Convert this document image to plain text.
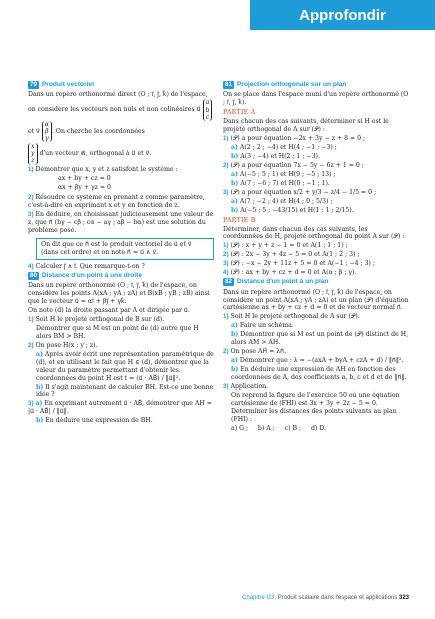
Approfondir
79 Produit vectoriel

Dans un repère orthonormé direct (O ; i⃗, j⃗, k⃗) de l'espace, on considère les vecteurs non nuls et non colinéaires u⃗
a
b
c
et v⃗
α
β
γ
. On cherche les coordonnées

x
y
z
d'un vecteur w⃗, orthogonal à u⃗ et v⃗.

1) Démontrer que x, y et z satisfont le système :

ax + by + cz = 0

αx + βy + γz = 0

2) Résoudre ce système en prenant z comme paramètre, c'est-à-dire en exprimant x et y en fonction de z.

3) En déduire, en choisissant judicieusement une valeur de z, que n⃗ (bγ − cβ ; cα − aγ ; aβ − bα) est une solution du problème posé.

On dit que ce n⃗ est le produit vectoriel de u⃗ et v⃗ (dans cet ordre) et on note n⃗ = u⃗ ∧ v⃗.

4) Calculer j⃗ ∧ i⃗. Que remarque-t-on ?

80 Distance d'un point à une droite

Dans un repère orthonormé (O ; i⃗, j⃗, k⃗) de l'espace, on considère les points A(xA ; yA ; zA) et B(xB ; yB ; zB) ainsi que le vecteur u⃗ = αi⃗ + βj⃗ + γk⃗.

On note (d) la droite passant par A et dirigée par u⃗.

1) Soit H le projeté orthogonal de B sur (d).

Démontrer que si M est un point de (d) autre que H alors BM > BH.

2) On pose H(x ; y ; z).

a) Après avoir écrit une représentation paramétrique de (d), et en utilisant le fait que H ∈ (d), démontrer que la valeur du paramètre permettant d'obtenir les coordonnées du point H est t = (u⃗ · AB⃗) / ‖u⃗‖².

b) Il s'agit maintenant de calculer BH. Est-ce une bonne idée ?

3) a) En exprimant autrement u⃗ · AB⃗, démontrer que AH = |u⃗ · AB⃗| / ‖u⃗‖.

b) En déduire une expression de BH.

81 Projection orthogonale sur un plan

On se place dans l'espace muni d'un repère orthonormé (O ; i⃗, j⃗, k⃗).

PARTIE A

Dans chacun des cas suivants, déterminer si H est le projeté orthogonal de A sur (𝒫) :

1) (𝒫) a pour équation −2x + 3y − z + 8 = 0 ;

a) A(2 ; 2 ; −4) et H(4 ; −1 ; −3) ;

b) A(3 ; −4) et H(2 ; 1 ; −3).

2) (𝒫) a pour équation 7x − 5y − 6z + 1 = 0 ;

a) A(−5 ; 5 ; 1) et H(9 ; −5 ; 13) ;

b) A(7 ; −6 ; 7) et H(0 ; −1 ; 1).

3) (𝒫) a pour équation x/2 + y/3 − z/4 − 1/5 = 0 ;

a) A(7 ; −2 ; 4) et H(4 ; 0 ; 5/3) ;

b) A(−5 ; 5 ; −43/15) et H(1 ; 1 ; 2/15).

PARTIE B

Déterminer, dans chacun des cas suivants, les coordonnées de H, projeté orthogonal du point A sur (𝒫) :

1) (𝒫) : x + y + z − 1 = 0 et A(1 ; 1 ; 1) ;

2) (𝒫) : 2x − 3y + 4z − 5 = 0 et A(1 ; 2 ; 3) ;

3) (𝒫) : −x − 2y + 11z + 5 = 0 et A(−1 ; −4 ; 3) ;

4) (𝒫) : ax + by + cz + d = 0 et A(α ; β ; γ).

82 Distance d'un point à un plan

Dans un repère orthonormé (O ; i⃗, j⃗, k⃗) de l'espace, on considère un point A(xA ; yA ; zA) et un plan (𝒫) d'équation cartésienne ax + by + cz + d = 0 et de vecteur normal n⃗.

1) Soit H le projeté orthogonal de A sur (𝒫).

a) Faire un schéma.

b) Démontrer que si M est un point de (𝒫) distinct de H, alors AM > AH.

2) On pose AH⃗ = λn⃗.

a) Démontrer que : λ = −(axA + byA + czA + d) / ‖n⃗‖².

b) En déduire une expression de AH en fonction des coordonnées de A, des coefficients a, b, c et d et de ‖n⃗‖.

3) Application.

On reprend la figure de l'exercice 50 où une équation cartésienne de (FHI) est 3x + 3y + 2z − 5 = 0. Déterminer les distances des points suivants au plan (FHI) :

a) G ; b) A ; c) B ; d) D.

Chapitre G3. Produit scalaire dans l'espace et applications 323
